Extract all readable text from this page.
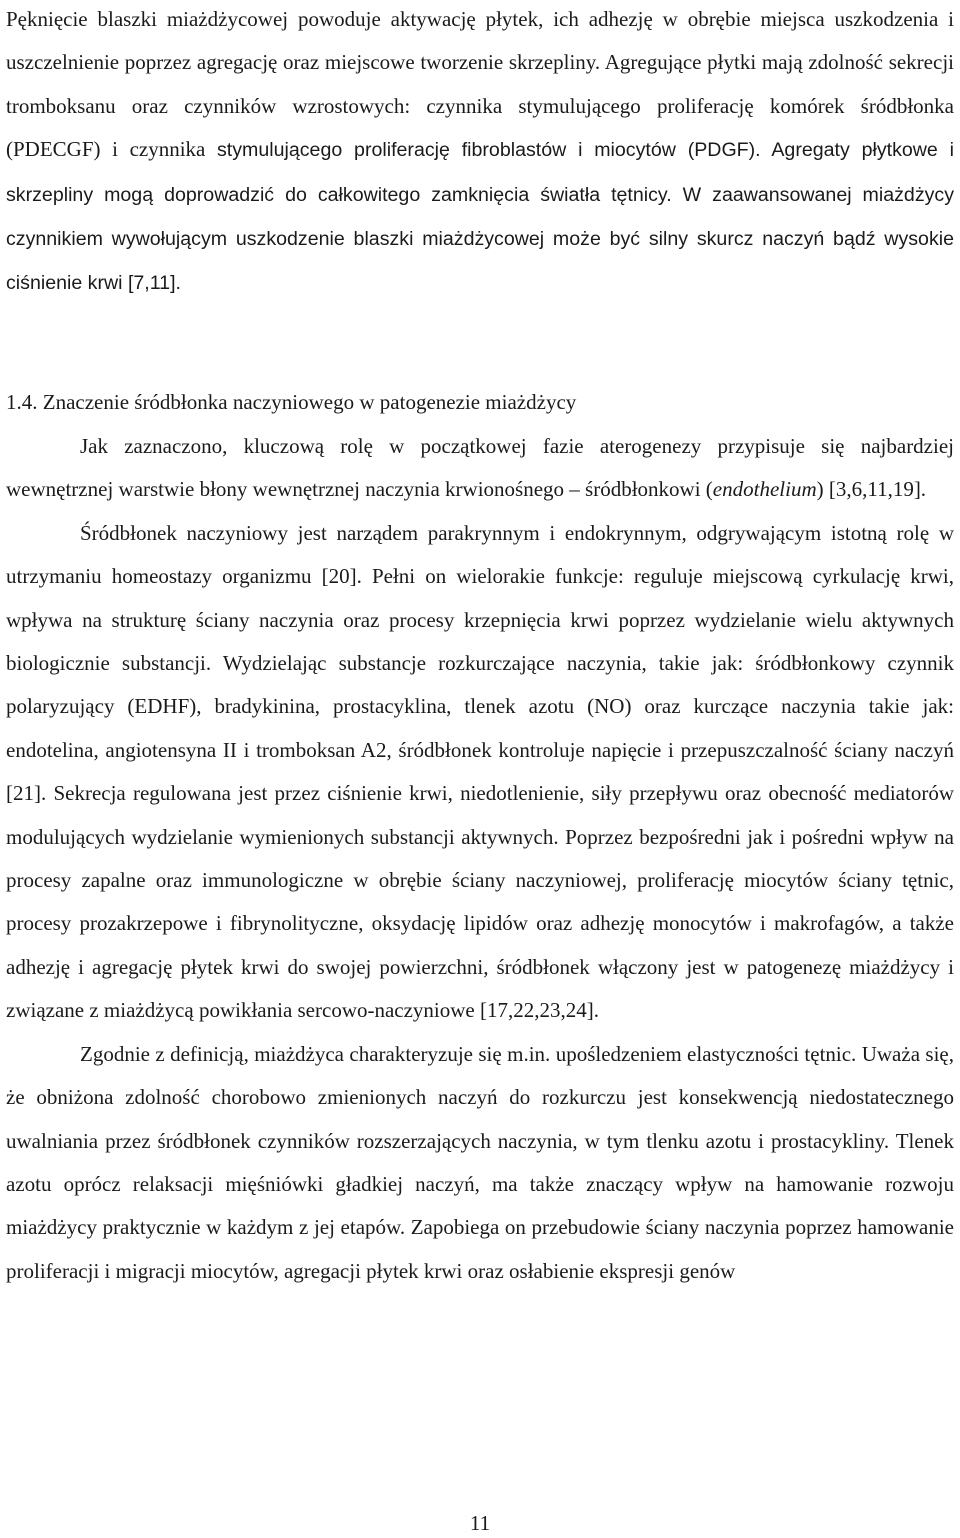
Pęknięcie blaszki miażdżycowej powoduje aktywację płytek, ich adhezję w obrębie miejsca uszkodzenia i uszczelnienie poprzez agregację oraz miejscowe tworzenie skrzepliny. Agregujące płytki mają zdolność sekrecji tromboksanu oraz czynników wzrostowych: czynnika stymulującego proliferację komórek śródbłonka (PDECGF) i czynnika stymulującego proliferację fibroblastów i miocytów (PDGF). Agregaty płytkowe i skrzepliny mogą doprowadzić do całkowitego zamknięcia światła tętnicy. W zaawansowanej miażdżycy czynnikiem wywołującym uszkodzenie blaszki miażdżycowej może być silny skurcz naczyń bądź wysokie ciśnienie krwi [7,11].

1.4. Znaczenie śródbłonka naczyniowego w patogenezie miażdżycy

Jak zaznaczono, kluczową rolę w początkowej fazie aterogenezy przypisuje się najbardziej wewnętrznej warstwie błony wewnętrznej naczynia krwionośnego – śródbłonkowi (endothelium) [3,6,11,19].

Śródbłonek naczyniowy jest narządem parakrynnym i endokrynnym, odgrywającym istotną rolę w utrzymaniu homeostazy organizmu [20]. Pełni on wielorakie funkcje: reguluje miejscową cyrkulację krwi, wpływa na strukturę ściany naczynia oraz procesy krzepnięcia krwi poprzez wydzielanie wielu aktywnych biologicznie substancji. Wydzielając substancje rozkurczające naczynia, takie jak: śródbłonkowy czynnik polaryzujący (EDHF), bradykinina, prostacyklina, tlenek azotu (NO) oraz kurczące naczynia takie jak: endotelina, angiotensyna II i tromboksan A2, śródbłonek kontroluje napięcie i przepuszczalność ściany naczyń [21]. Sekrecja regulowana jest przez ciśnienie krwi, niedotlenienie, siły przepływu oraz obecność mediatorów modulujących wydzielanie wymienionych substancji aktywnych. Poprzez bezpośredni jak i pośredni wpływ na procesy zapalne oraz immunologiczne w obrębie ściany naczyniowej, proliferację miocytów ściany tętnic, procesy prozakrzepowe i fibrynolityczne, oksydację lipidów oraz adhezję monocytów i makrofagów, a także adhezję i agregację płytek krwi do swojej powierzchni, śródbłonek włączony jest w patogenezę miażdżycy i związane z miażdżycą powikłania sercowo-naczyniowe [17,22,23,24].

Zgodnie z definicją, miażdżyca charakteryzuje się m.in. upośledzeniem elastyczności tętnic. Uważa się, że obniżona zdolność chorobowo zmienionych naczyń do rozkurczu jest konsekwencją niedostatecznego uwalniania przez śródbłonek czynników rozszerzających naczynia, w tym tlenku azotu i prostacykliny. Tlenek azotu oprócz relaksacji mięśniówki gładkiej naczyń, ma także znaczący wpływ na hamowanie rozwoju miażdżycy praktycznie w każdym z jej etapów. Zapobiega on przebudowie ściany naczynia poprzez hamowanie proliferacji i migracji miocytów, agregacji płytek krwi oraz osłabienie ekspresji genów

11
